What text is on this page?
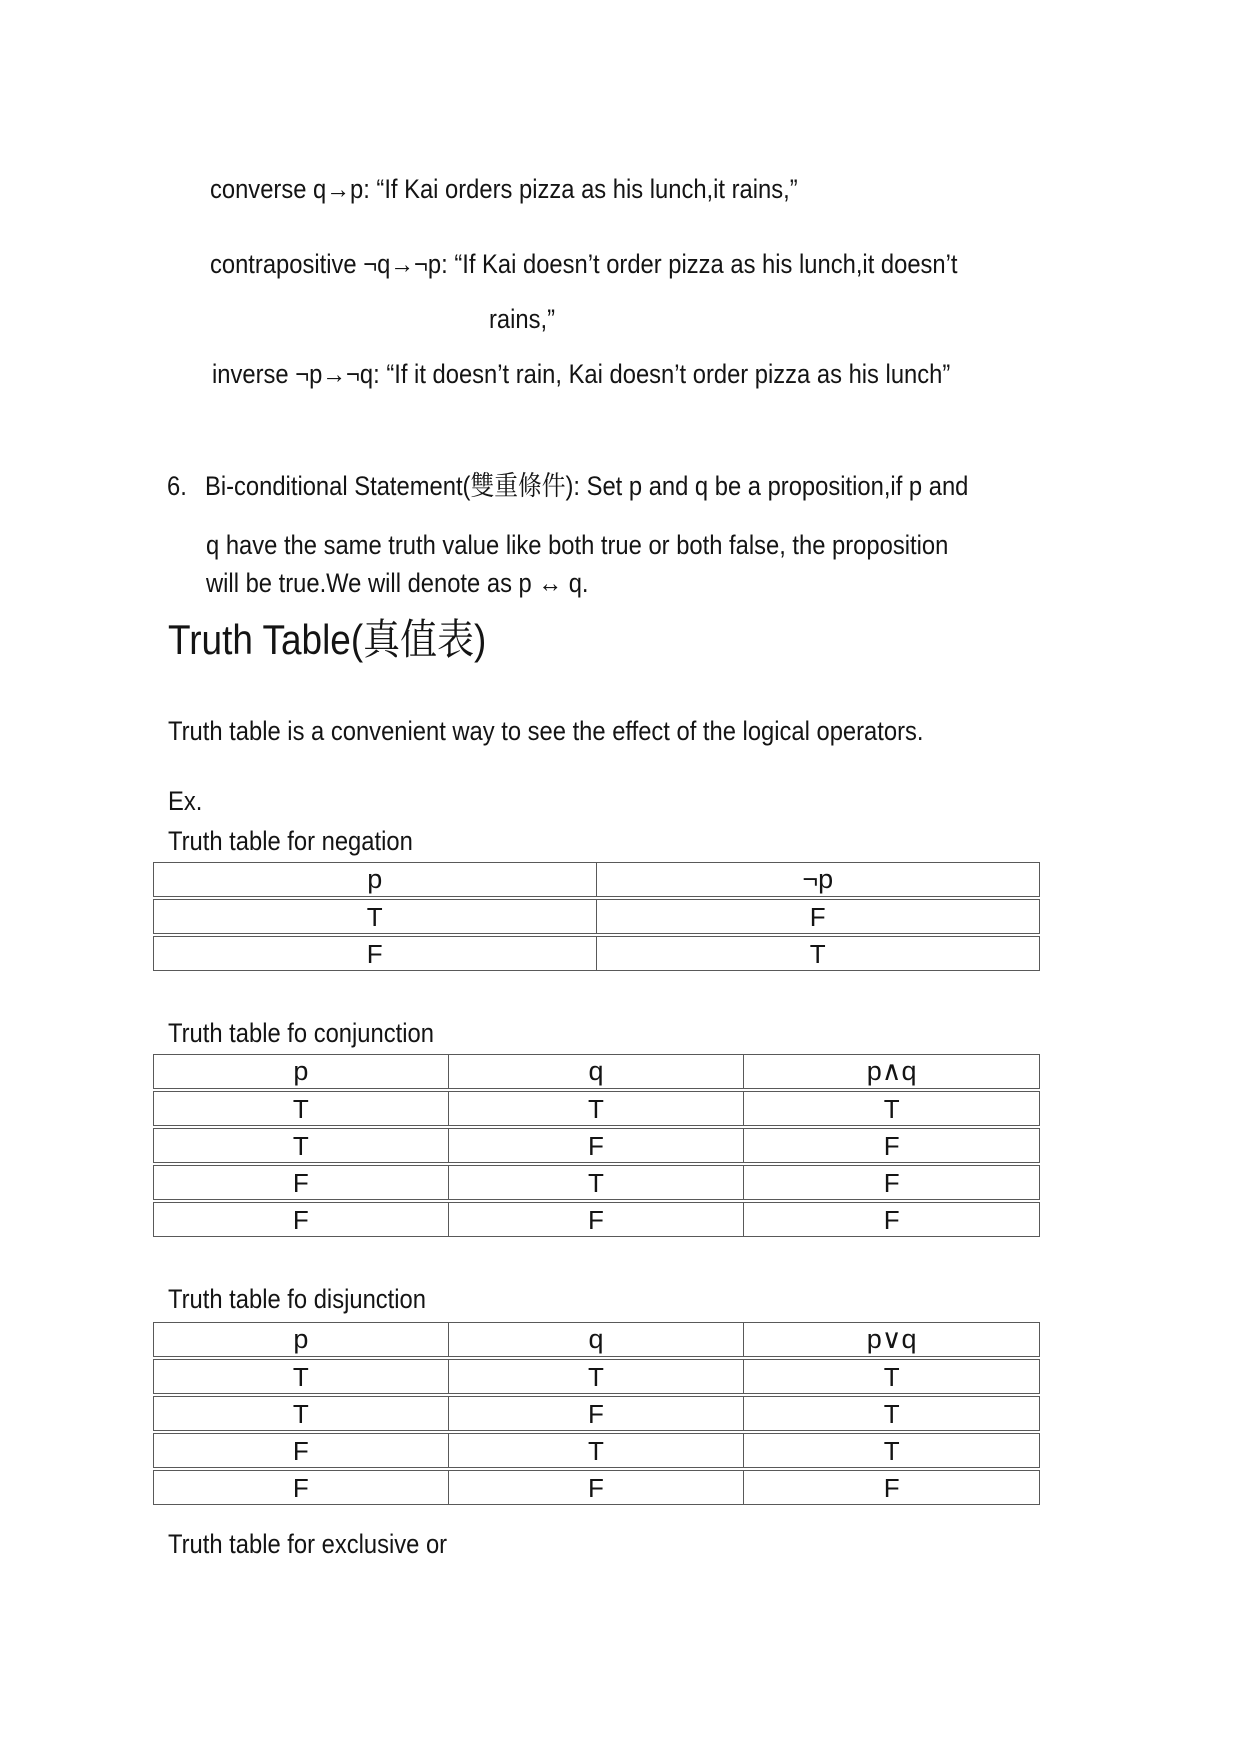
converse q→p: “If Kai orders pizza as his lunch,it rains,”
contrapositive ¬q→¬p: “If Kai doesn’t order pizza as his lunch,it doesn’t
rains,”
inverse ¬p→¬q: “If it doesn’t rain, Kai doesn’t order pizza as his lunch”
6. Bi-conditional Statement(雙重條件): Set p and q be a proposition,if p and
q have the same truth value like both true or both false, the proposition
will be true.We will denote as p ↔ q.
Truth Table(真值表)
Truth table is a convenient way to see the effect of the logical operators.
Ex.
Truth table for negation
p	¬p
T	F
F	T
Truth table fo conjunction
p	q	p∧q
T	T	T
T	F	F
F	T	F
F	F	F
Truth table fo disjunction
p	q	p∨q
T	T	T
T	F	T
F	T	T
F	F	F
Truth table for exclusive or
